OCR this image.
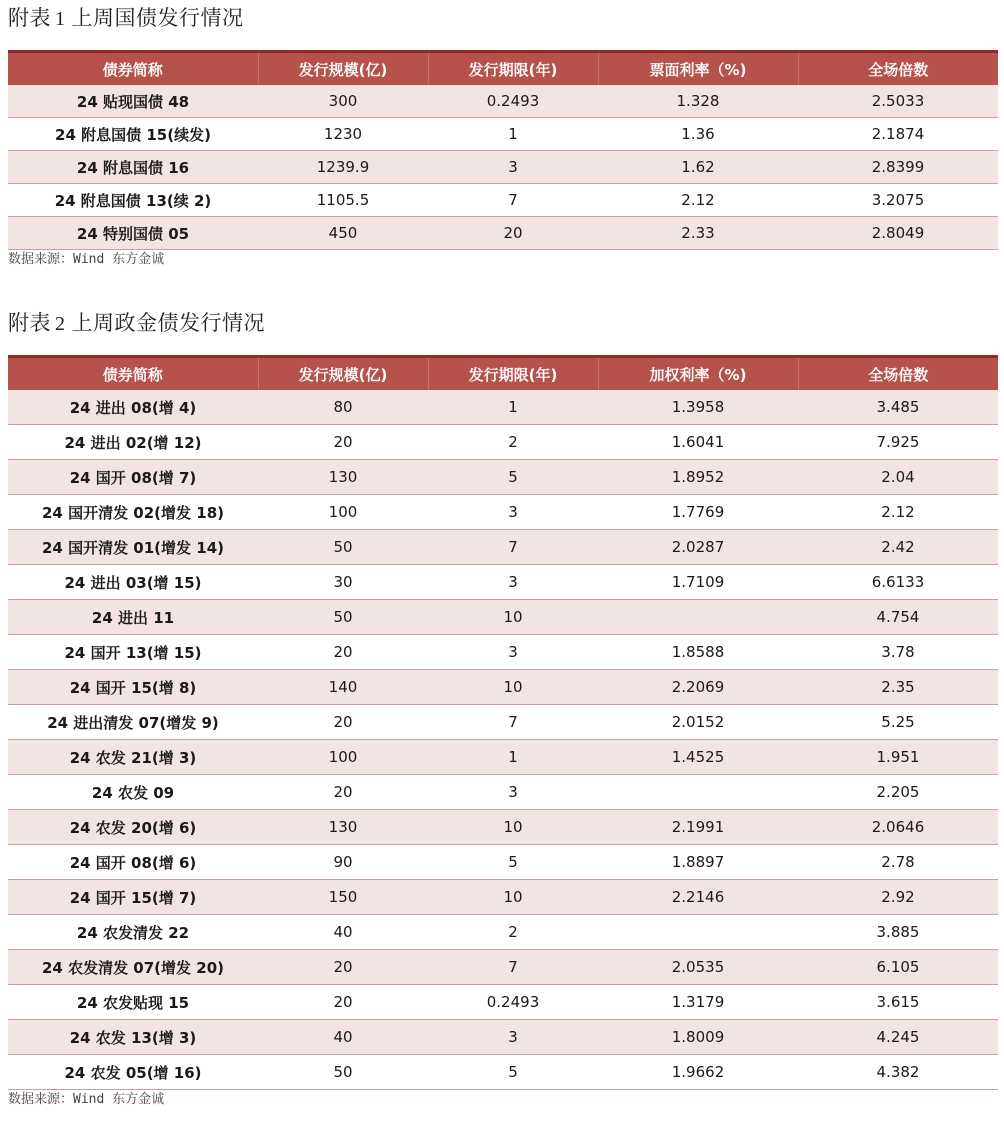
附表 1 上周国债发行情况
债券简称	发行规模(亿)	发行期限(年)	票面利率（%)	全场倍数
24 贴现国债 48	300	0.2493	1.328	2.5033
24 附息国债 15(续发)	1230	1	1.36	2.1874
24 附息国债 16	1239.9	3	1.62	2.8399
24 附息国债 13(续 2)	1105.5	7	2.12	3.2075
24 特别国债 05	450	20	2.33	2.8049
数据来源：Wind 东方金诚
附表 2 上周政金债发行情况
债券简称	发行规模(亿)	发行期限(年)	加权利率（%)	全场倍数
24 进出 08(增 4)	80	1	1.3958	3.485
24 进出 02(增 12)	20	2	1.6041	7.925
24 国开 08(增 7)	130	5	1.8952	2.04
24 国开清发 02(增发 18)	100	3	1.7769	2.12
24 国开清发 01(增发 14)	50	7	2.0287	2.42
24 进出 03(增 15)	30	3	1.7109	6.6133
24 进出 11	50	10		4.754
24 国开 13(增 15)	20	3	1.8588	3.78
24 国开 15(增 8)	140	10	2.2069	2.35
24 进出清发 07(增发 9)	20	7	2.0152	5.25
24 农发 21(增 3)	100	1	1.4525	1.951
24 农发 09	20	3		2.205
24 农发 20(增 6)	130	10	2.1991	2.0646
24 国开 08(增 6)	90	5	1.8897	2.78
24 国开 15(增 7)	150	10	2.2146	2.92
24 农发清发 22	40	2		3.885
24 农发清发 07(增发 20)	20	7	2.0535	6.105
24 农发贴现 15	20	0.2493	1.3179	3.615
24 农发 13(增 3)	40	3	1.8009	4.245
24 农发 05(增 16)	50	5	1.9662	4.382
数据来源：Wind 东方金诚
